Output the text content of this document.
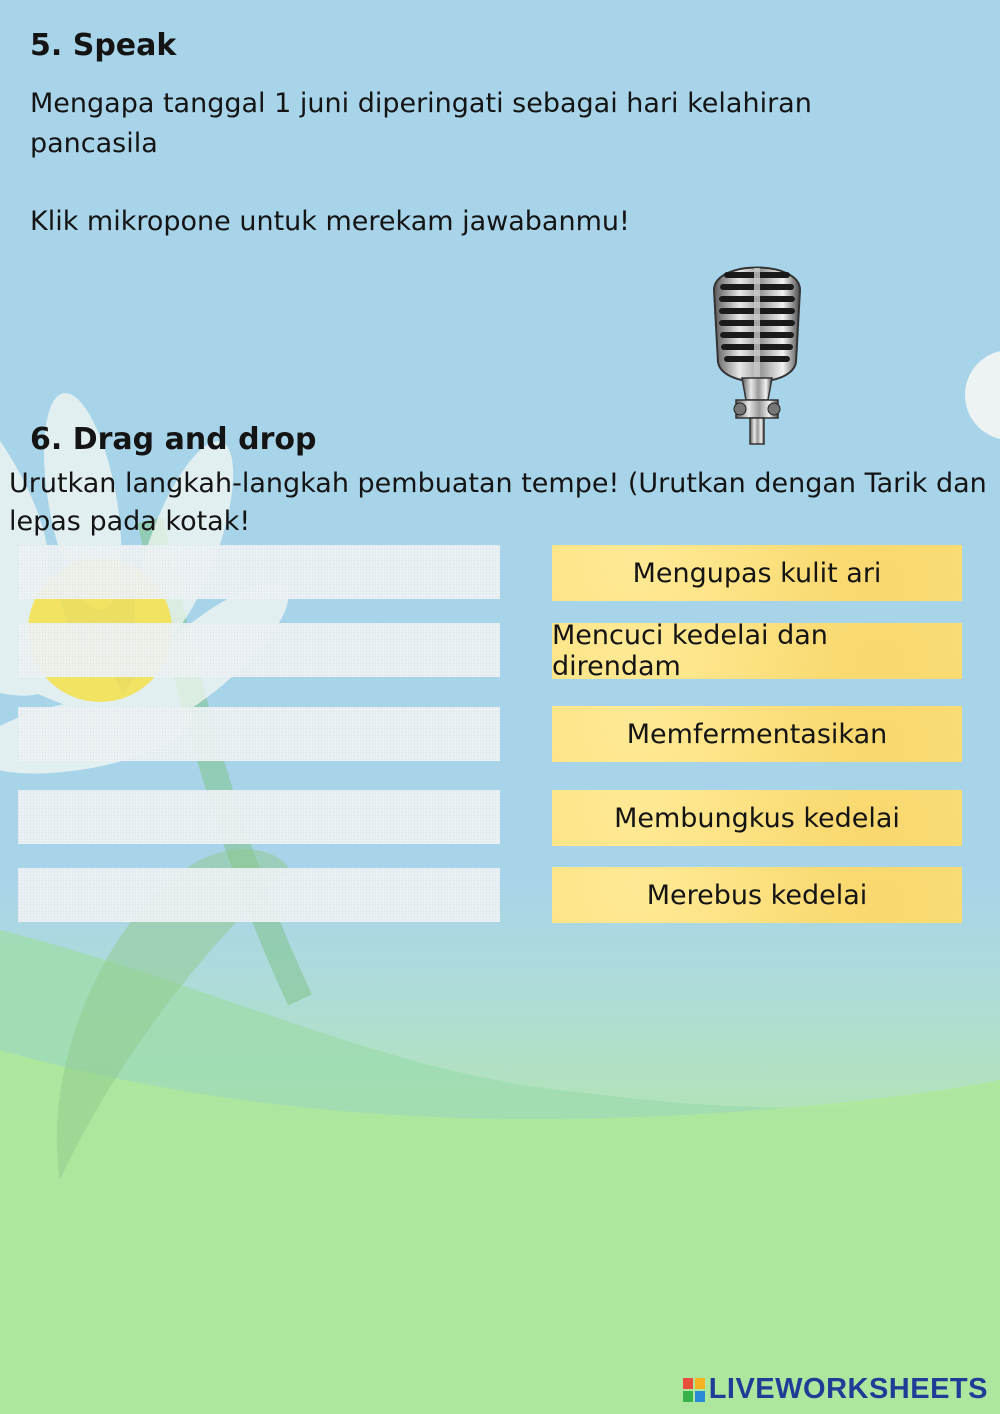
5. Speak

Mengapa tanggal 1 juni diperingati sebagai hari kelahiran

pancasila

Klik mikropone untuk merekam jawabanmu!

6. Drag and drop

Urutkan langkah-langkah pembuatan tempe! (Urutkan dengan Tarik dan

lepas pada kotak!

Mengupas kulit ari
Mencuci kedelai dan direndam
Memfermentasikan
Membungkus kedelai
Merebus kedelai
LIVEWORKSHEETS
